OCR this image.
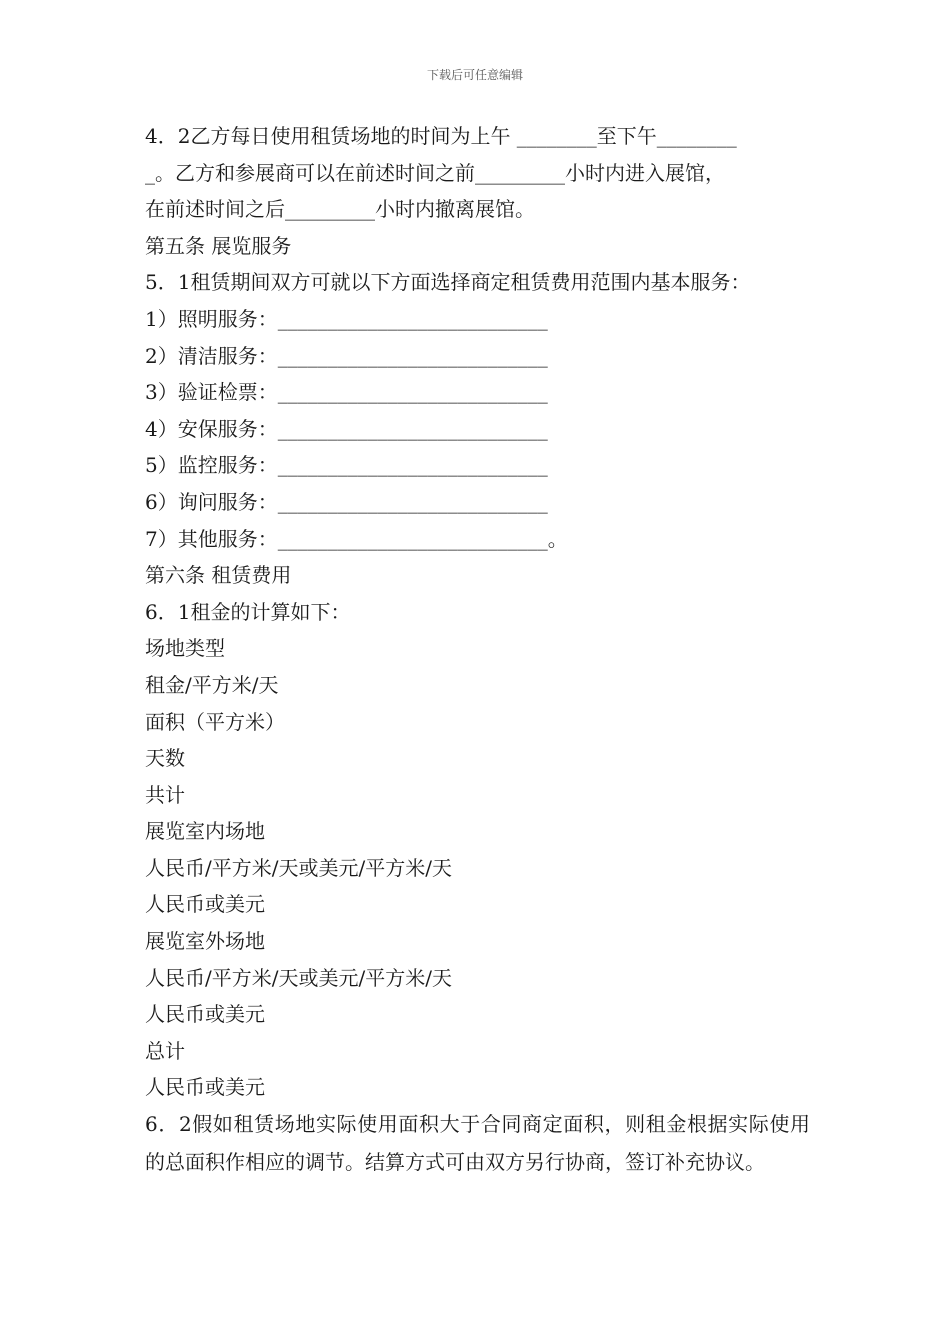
下载后可任意编辑
4．2乙方每日使用租赁场地的时间为上午 ________至下午________
_。乙方和参展商可以在前述时间之前_________小时内进入展馆，
在前述时间之后_________小时内撤离展馆。
第五条 展览服务
5．1租赁期间双方可就以下方面选择商定租赁费用范围内基本服务：
1）照明服务：___________________________
2）清洁服务：___________________________
3）验证检票：___________________________
4）安保服务：___________________________
5）监控服务：___________________________
6）询问服务：___________________________
7）其他服务：___________________________。
第六条 租赁费用
6．1租金的计算如下：
场地类型
租金/平方米/天
面积（平方米）
天数
共计
展览室内场地
人民币/平方米/天或美元/平方米/天
人民币或美元
展览室外场地
人民币/平方米/天或美元/平方米/天
人民币或美元
总计
人民币或美元
6．2假如租赁场地实际使用面积大于合同商定面积，则租金根据实际使用的总面积作相应的调节。结算方式可由双方另行协商，签订补充协议。
